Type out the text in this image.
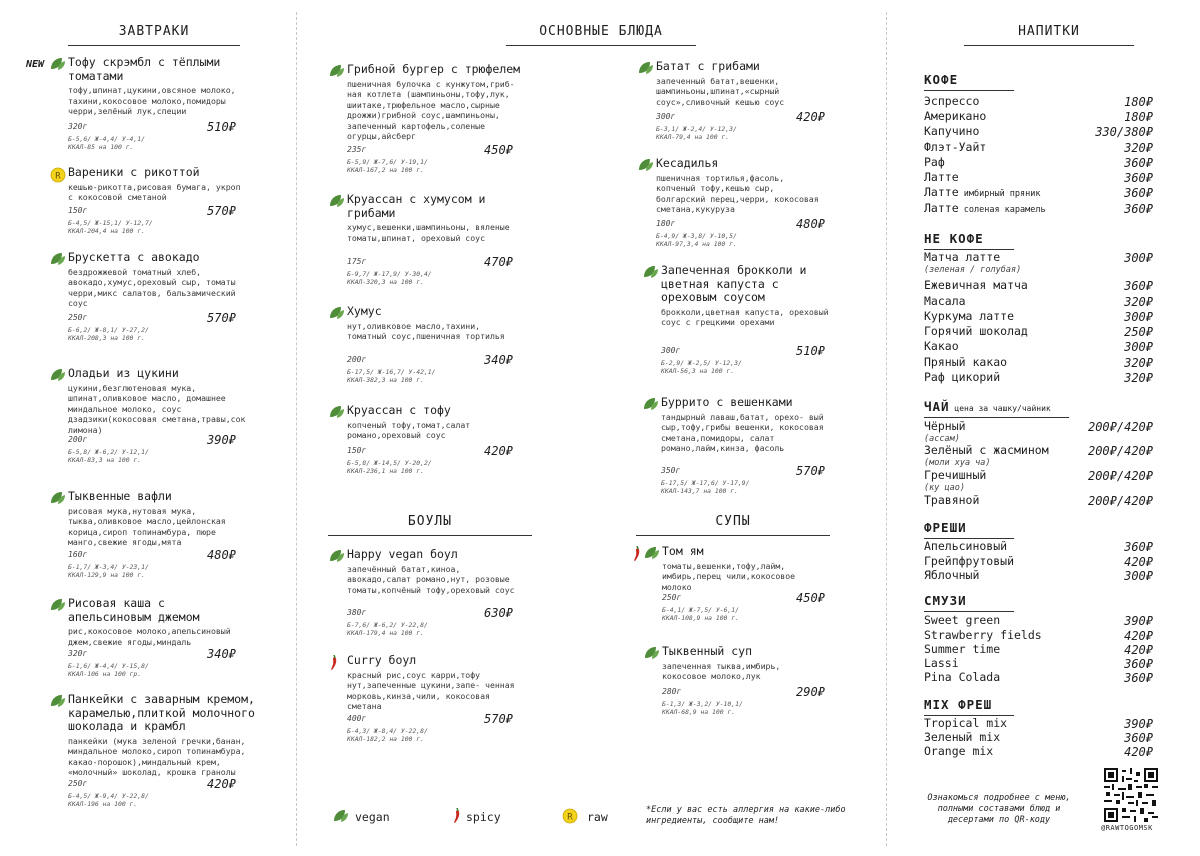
ЗАВТРАКИ
NEW Тофу скрэмбл с тёплыми томатами
тофу,шпинат,цукини,овсяное молоко, тахини,кокосовое молоко,помидоры черри,зелёный лук,специи
320г	510₽
Б-5,6/ Ж-4,4/ У-4,1/
ККАЛ-85 на 100 г.
Вареники с рикоттой
кешью-рикотта,рисовая бумага, укроп с кокосовой сметаной
150г	570₽
Б-4,5/ Ж-15,1/ У-12,7/
ККАЛ-204,4 на 100 г.
Брускетта с авокадо
бездрожжевой томатный хлеб, авокадо,хумус,ореховый сыр, томаты черри,микс салатов, бальзамический соус
250г	570₽
Б-6,2/ Ж-8,1/ У-27,2/
ККАЛ-208,3 на 100 г.
Оладьи из цукини
цукини,безглютеновая мука, шпинат,оливковое масло, домашнее миндальное молоко, соус дзадзики(кокосовая сметана,травы,сок лимона)
200г	390₽
Б-5,8/ Ж-6,2/ У-12,1/
ККАЛ-83,3 на 100 г.
Тыквенные вафли
рисовая мука,нутовая мука, тыква,оливковое масло,цейлонская корица,сироп топинамбура, пюре манго,свежие ягоды,мята
160г	480₽
Б-1,7/ Ж-3,4/ У-23,1/
ККАЛ-129,9 на 100 г.
Рисовая каша с апельсиновым джемом
рис,кокосовое молоко,апельсиновый джем,свежие ягоды,миндаль
320г	340₽
Б-1,6/ Ж-4,4/ У-15,8/
ККАЛ-106 на 100 гр.
Панкейки с заварным кремом, карамелью,плиткой молочного шоколада и крамбл
панкейки (мука зеленой гречки,банан, миндальное молоко,сироп топинамбура, какао-порошок),миндальный крем, «молочный» шоколад, крошка гранолы
250г	420₽
Б-4,5/ Ж-9,4/ У-22,8/
ККАЛ-196 на 100 г.
ОСНОВНЫЕ БЛЮДА
БОУЛЫ	СУПЫ
vegan	spicy	raw	*Если у вас есть аллергия на какие-либо ингредиенты, сообщите нам!
Грибной бургер с трюфелем
пшеничная булочка с кунжутом,гриб- ная котлета (шампиньоны,тофу,лук, шиитаке,трюфельное масло,сырные дрожжи)грибной соус,шампиньоны, запеченный картофель,соленые огурцы,айсберг
235г	450₽
Б-5,9/ Ж-7,6/ У-19,1/
ККАЛ-167,2 на 100 г.
Круассан с хумусом и грибами
хумус,вешенки,шампиньоны, вяленые томаты,шпинат, ореховый соус
175г	470₽
Б-9,7/ Ж-17,9/ У-30,4/
ККАЛ-320,3 на 100 г.
Хумус
нут,оливковое масло,тахини, томатный соус,пшеничная тортилья
200г	340₽
Б-17,5/ Ж-16,7/ У-42,1/
ККАЛ-382,3 на 100 г.
Круассан с тофу
копченый тофу,томат,салат романо,ореховый соус
150г	420₽
Б-5,8/ Ж-14,5/ У-20,2/
ККАЛ-236,1 на 100 г.
Батат с грибами
запеченный батат,вешенки, шампиньоны,шпинат,«сырный соус»,сливочный кешью соус
300г	420₽
Б-3,1/ Ж-2,4/ У-12,3/
ККАЛ-79,4 на 100 г.
Кесадилья
пшеничная тортилья,фасоль, копченый тофу,кешью сыр, болгарский перец,черри, кокосовая сметана,кукуруза
180г	480₽
Б-4,9/ Ж-3,8/ У-10,5/
ККАЛ-97,3,4 на 100 г.
Запеченная брокколи и цветная капуста с ореховым соусом
брокколи,цветная капуста, ореховый соус с грецкими орехами
300г	510₽
Б-2,9/ Ж-2,5/ У-12,3/
ККАЛ-56,3 на 100 г.
Буррито с вешенками
тандырный лаваш,батат, орехо- вый сыр,тофу,грибы вешенки, кокосовая сметана,помидоры, салат романо,лайм,кинза, фасоль
350г	570₽
Б-17,5/ Ж-17,6/ У-17,9/
ККАЛ-143,7 на 100 г.
Happy vegan боул
запечённый батат,киноа, авокадо,салат романо,нут, розовые томаты,копчёный тофу,ореховый соус
380г	630₽
Б-7,6/ Ж-6,2/ У-22,8/
ККАЛ-179,4 на 100 г.
Curry боул
красный рис,соус карри,тофу нут,запеченные цукини,запе- ченная морковь,кинза,чили, кокосовая сметана
400г	570₽
Б-4,3/ Ж-8,4/ У-22,8/
ККАЛ-182,2 на 100 г.
Том ям
томаты,вешенки,тофу,лайм, имбирь,перец чили,кокосовое молоко
250г	450₽
Б-4,1/ Ж-7,5/ У-6,1/
ККАЛ-108,9 на 100 г.
Тыквенный суп
запеченная тыква,имбирь, кокосовое молоко,лук
280г	290₽
Б-1,3/ Ж-3,2/ У-10,1/
ККАЛ-68,9 на 100 г.
НАПИТКИ
КОФЕ
Эспрессо	180₽
Американо	180₽
Капучино	330/380₽
Флэт-Уайт	320₽
Раф	360₽
Латте	360₽
Латте имбирный пряник	360₽
Латте соленая карамель	360₽
НЕ КОФЕ
Матча латте
(зеленая / голубая)
300₽
Ежевичная матча	360₽
Масала	320₽
Куркума латте	300₽
Горячий шоколад	250₽
Какао	300₽
Пряный какао	320₽
Раф цикорий	320₽
ЧАЙ цена за чашку/чайник
Чёрный
(ассам)
200₽/420₽
Зелёный с жасмином
(моли хуа ча)
200₽/420₽
Гречишный
(ку цао)
200₽/420₽
Травяной	200₽/420₽
ФРЕШИ
Апельсиновый	360₽
Грейпфрутовый	420₽
Яблочный	300₽
СМУЗИ
Sweet green	390₽
Strawberry fields	420₽
Summer time	420₽
Lassi	360₽
Pina Colada	360₽
MIX ФРЕШ
Tropical mix	390₽
Зеленый mix	360₽
Orange mix	420₽
Ознакомься подробнее с меню, полными составами блюд и десертами по QR-коду
@RAWTOGOMSK
